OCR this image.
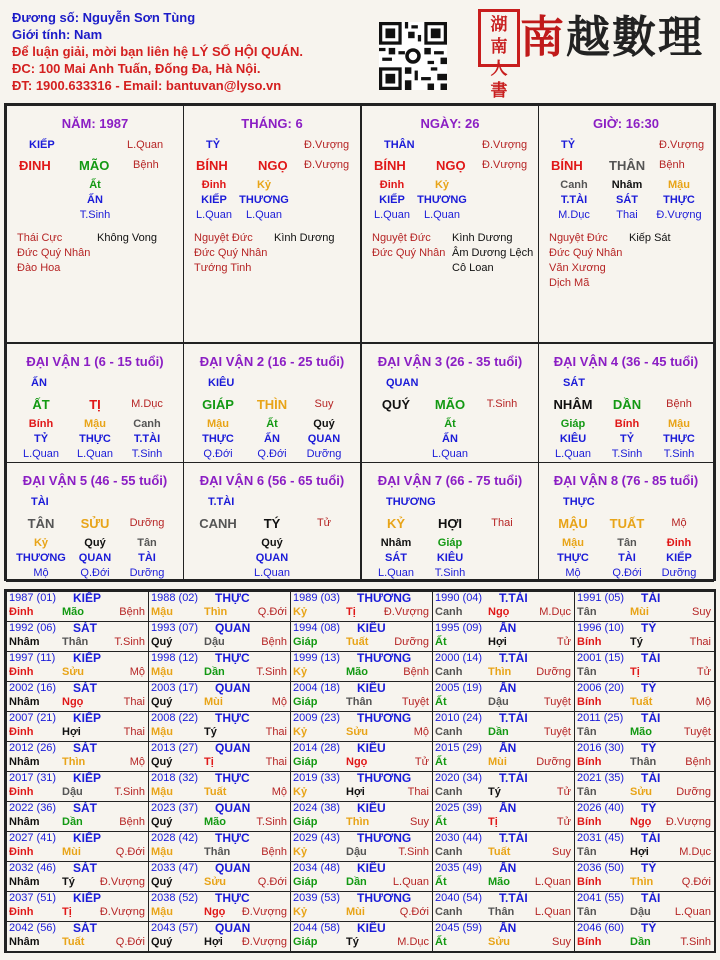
Đương số: Nguyễn Sơn Tùng
Giới tính: Nam
Để luận giải, mời bạn liên hệ LÝ SỐ HỘI QUÁN.
ĐC: 100 Mai Anh Tuấn, Đống Đa, Hà Nội.
ĐT: 1900.633316 - Email: bantuvan@lyso.vn
湖南人書
南越數理
NĂM: 1987
KIẾP	L.Quan
ĐINH MÃO Bệnh
Ất
ẤN
T.Sinh
Thái Cực	Không Vong
Đức Quý Nhân
Đào Hoa
THÁNG: 6
TỶ	Đ.Vượng
BÍNH NGỌ Đ.Vượng
Đinh
KIẾP
L.Quan
Kỷ
THƯƠNG
L.Quan
Nguyệt Đức Kình Dương
Đức Quý Nhân
Tướng Tinh
NGÀY: 26
THÂN	Đ.Vượng
BÍNH NGỌ Đ.Vượng
Đinh
KIẾP
L.Quan
Kỷ
THƯƠNG
L.Quan
Nguyệt Đức Kình Dương
Đức Quý Nhân Âm Dương Lệch
Cô Loan
GIỜ: 16:30
TỶ	Đ.Vượng
BÍNH THÂN Bệnh
Canh
T.TÀI
M.Dục
Nhâm
SÁT
Thai
Mậu
THỰC
Đ.Vượng
Nguyệt Đức Kiếp Sát
Đức Quý Nhân
Văn Xương
Dịch Mã
ĐẠI VẬN 1 (6 - 15 tuổi)
ẤN
ẤT	TỊ	M.Dục
Bính
TỶ
L.Quan
Mậu
THỰC
L.Quan
Canh
T.TÀI
T.Sinh
ĐẠI VẬN 2 (16 - 25 tuổi)
KIÊU
GIÁP THÌN Suy
Mậu
THỰC
Q.Đới
Ất
ẤN
Q.Đới
Quý
QUAN
Dưỡng
ĐẠI VẬN 3 (26 - 35 tuổi)
QUAN
QUÝ MÃO T.Sinh
Ất
ẤN
L.Quan
ĐẠI VẬN 4 (36 - 45 tuổi)
SÁT
NHÂM DẦN Bệnh
Giáp
KIÊU
L.Quan
Bính
TỶ
T.Sinh
Mậu
THỰC
T.Sinh
ĐẠI VẬN 5 (46 - 55 tuổi)
TÀI
TÂN SỬU Dưỡng
Kỷ
THƯƠNG
Mộ
Quý
QUAN
Q.Đới
Tân
TÀI
Dưỡng
ĐẠI VẬN 6 (56 - 65 tuổi)
T.TÀI
CANH TÝ	Tử
Quý
QUAN
L.Quan
ĐẠI VẬN 7 (66 - 75 tuổi)
THƯƠNG
KỶ	HỢI	Thai
Nhâm
SÁT
L.Quan
Giáp
KIÊU
T.Sinh
ĐẠI VẬN 8 (76 - 85 tuổi)
THỰC
MẬU TUẤT Mộ
Mậu
THỰC
Mộ
Tân
TÀI
Q.Đới
Đinh
KIẾP
Dưỡng
1987 (01) KIẾP
Đinh	Mão	Bệnh
1988 (02) THỰC
Mậu	Thìn	Q.Đới
1989 (03) THƯƠNG
Kỷ	Tị	Đ.Vượng
1990 (04) T.TÀI
Canh Ngọ	M.Dục
1991 (05) TÀI
Tân	Mùi	Suy
1992 (06) SÁT
Nhâm Thân T.Sinh
1993 (07) QUAN
Quý	Dậu	Bệnh
1994 (08) KIÊU
Giáp	Tuất Dưỡng
1995 (09) ẤN
Ất	Hợi	Tử
1996 (10) TỶ
Bính	Tý	Thai
1997 (11) KIẾP
Đinh	Sửu	Mộ
1998 (12) THỰC
Mậu	Dần	T.Sinh
1999 (13) THƯƠNG
Kỷ	Mão	Bệnh
2000 (14) T.TÀI
Canh Thìn Dưỡng
2001 (15) TÀI
Tân	Tị	Tử
2002 (16) SÁT
Nhâm Ngọ	Thai
2003 (17) QUAN
Quý	Mùi	Mộ
2004 (18) KIÊU
Giáp	Thân	Tuyệt
2005 (19) ẤN
Ất	Dậu	Tuyệt
2006 (20) TỶ
Bính	Tuất	Mộ
2007 (21) KIẾP
Đinh	Hợi	Thai
2008 (22) THỰC
Mậu	Tý	Thai
2009 (23) THƯƠNG
Kỷ	Sửu	Mộ
2010 (24) T.TÀI
Canh Dần	Tuyệt
2011 (25) TÀI
Tân	Mão	Tuyệt
2012 (26) SÁT
Nhâm Thìn	Mộ
2013 (27) QUAN
Quý	Tị	Thai
2014 (28) KIÊU
Giáp	Ngọ	Tử
2015 (29) ẤN
Ất	Mùi	Dưỡng
2016 (30) TỶ
Bính	Thân	Bệnh
2017 (31) KIẾP
Đinh	Dậu	T.Sinh
2018 (32) THỰC
Mậu	Tuất	Mộ
2019 (33) THƯƠNG
Kỷ	Hợi	Thai
2020 (34) T.TÀI
Canh Tý	Tử
2021 (35) TÀI
Tân	Sửu Dưỡng
2022 (36) SÁT
Nhâm Dần	Bệnh
2023 (37) QUAN
Quý	Mão	T.Sinh
2024 (38) KIÊU
Giáp	Thìn	Suy
2025 (39) ẤN
Ất	Tị	Tử
2026 (40) TỶ
Bính	Ngọ Đ.Vượng
2027 (41) KIẾP
Đinh	Mùi	Q.Đới
2028 (42) THỰC
Mậu	Thân	Bệnh
2029 (43) THƯƠNG
Kỷ	Dậu	T.Sinh
2030 (44) T.TÀI
Canh Tuất	Suy
2031 (45) TÀI
Tân	Hợi	M.Dục
2032 (46) SÁT
Nhâm Tý Đ.Vượng
2033 (47) QUAN
Quý	Sửu	Q.Đới
2034 (48) KIÊU
Giáp	Dần L.Quan
2035 (49) ẤN
Ất	Mão L.Quan
2036 (50) TỶ
Bính	Thìn	Q.Đới
2037 (51) KIẾP
Đinh	Tị	Đ.Vượng
2038 (52) THỰC
Mậu	Ngọ Đ.Vượng
2039 (53) THƯƠNG
Kỷ	Mùi	Q.Đới
2040 (54) T.TÀI
Canh Thân L.Quan
2041 (55) TÀI
Tân	Dậu L.Quan
2042 (56) SÁT
Nhâm Tuất	Q.Đới
2043 (57) QUAN
Quý	Hợi Đ.Vượng
2044 (58) KIÊU
Giáp	Tý	M.Dục
2045 (59) ẤN
Ất	Sửu	Suy
2046 (60) TỶ
Bính	Dần	T.Sinh
